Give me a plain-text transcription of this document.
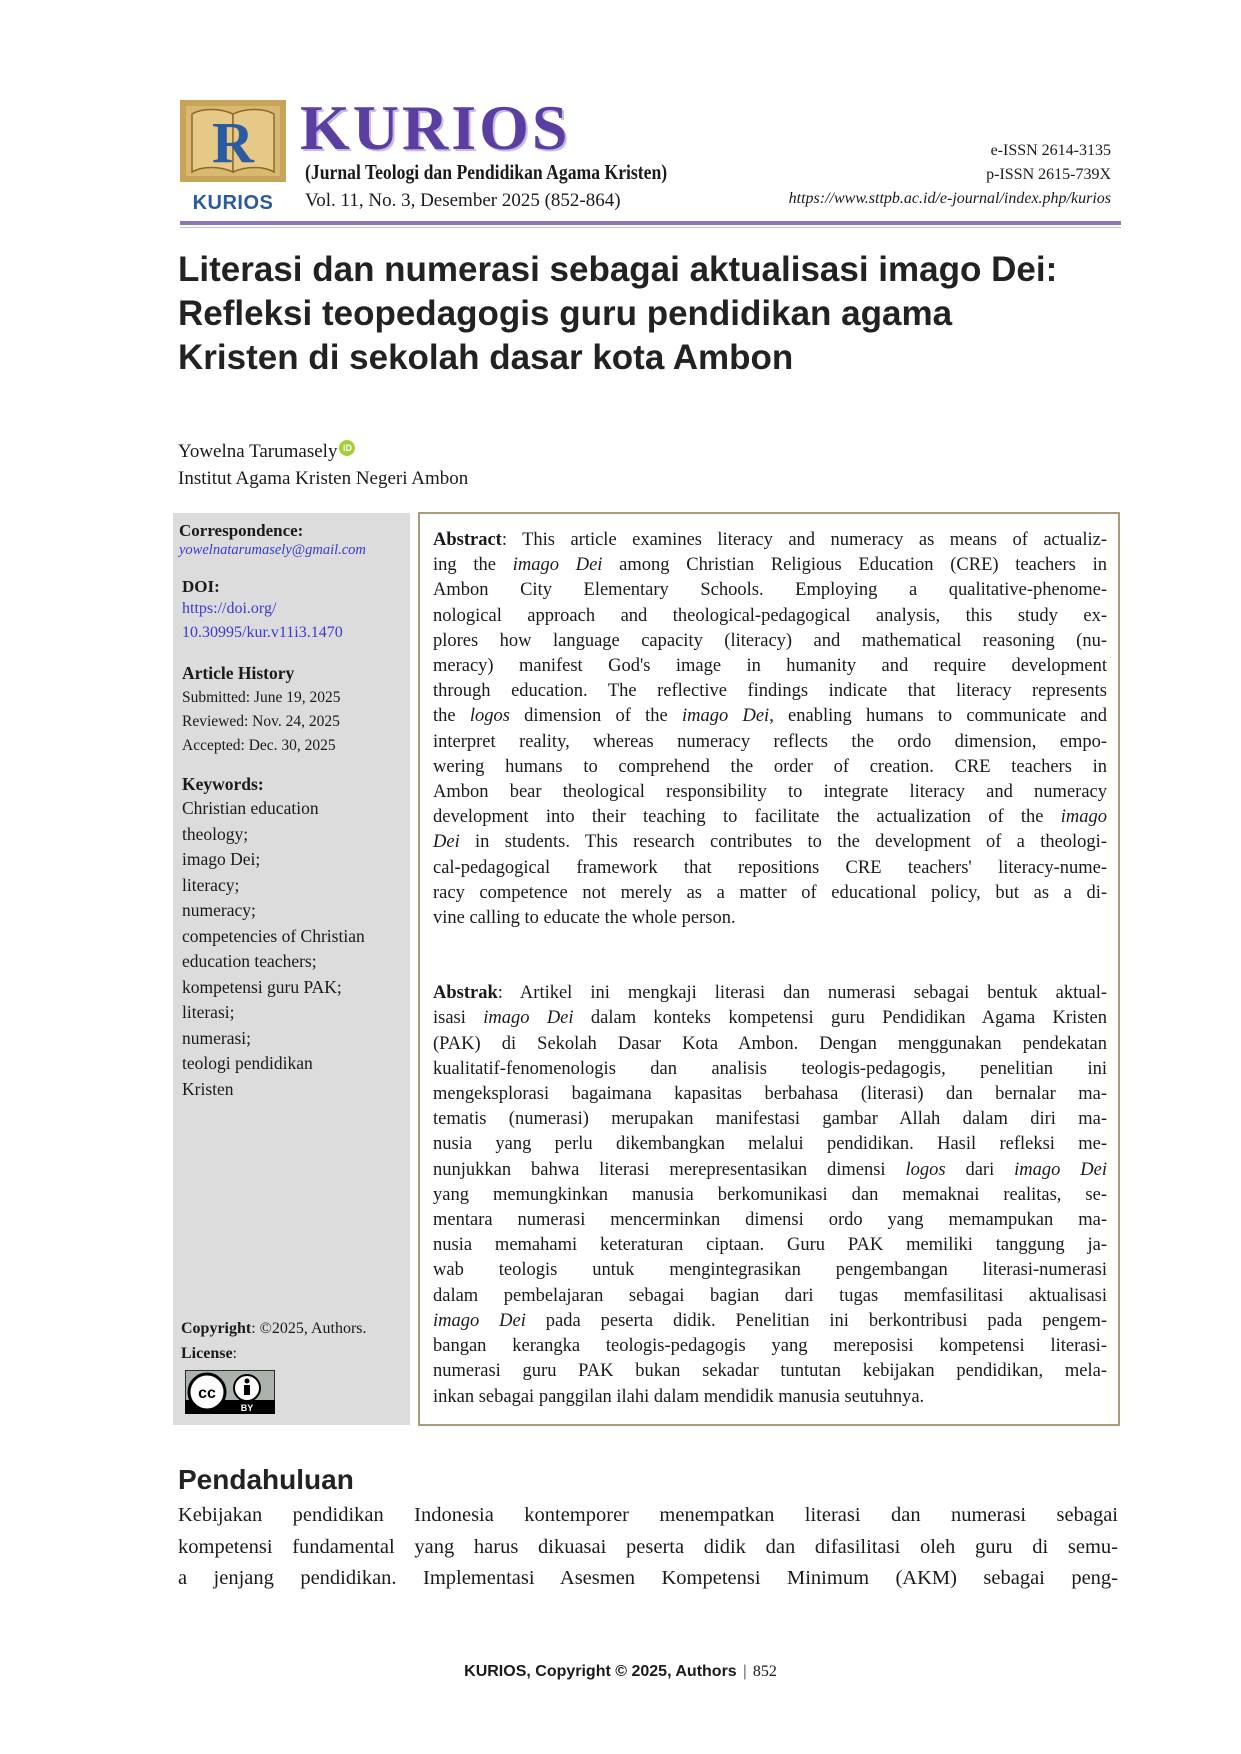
R
KURIOS
KURIOS
(Jurnal Teologi dan Pendidikan Agama Kristen)
Vol. 11, No. 3, Desember 2025 (852-864)
e-ISSN 2614-3135
p-ISSN 2615-739X
https://www.sttpb.ac.id/e-journal/index.php/kurios
Literasi dan numerasi sebagai aktualisasi imago Dei:
Refleksi teopedagogis guru pendidikan agama
Kristen di sekolah dasar kota Ambon
Yowelna Tarumasely iD
Institut Agama Kristen Negeri Ambon
Correspondence:
yowelnatarumasely@gmail.com
DOI:
https://doi.org/
10.30995/kur.v11i3.1470
Article History
Submitted: June 19, 2025
Reviewed: Nov. 24, 2025
Accepted: Dec. 30, 2025
Keywords:
Christian education
theology;
imago Dei;
literacy;
numeracy;
competencies of Christian
education teachers;
kompetensi guru PAK;
literasi;
numerasi;
teologi pendidikan
Kristen
Copyright: ©2025, Authors.
License:
cc
BY
Abstract: This article examines literacy and numeracy as means of actualiz-
ing the imago Dei among Christian Religious Education (CRE) teachers in
Ambon City Elementary Schools. Employing a qualitative-phenome-
nological approach and theological-pedagogical analysis, this study ex-
plores how language capacity (literacy) and mathematical reasoning (nu-
meracy) manifest God's image in humanity and require development
through education. The reflective findings indicate that literacy represents
the logos dimension of the imago Dei, enabling humans to communicate and
interpret reality, whereas numeracy reflects the ordo dimension, empo-
wering humans to comprehend the order of creation. CRE teachers in
Ambon bear theological responsibility to integrate literacy and numeracy
development into their teaching to facilitate the actualization of the imago
Dei in students. This research contributes to the development of a theologi-
cal-pedagogical framework that repositions CRE teachers' literacy-nume-
racy competence not merely as a matter of educational policy, but as a di-
vine calling to educate the whole person.
Abstrak: Artikel ini mengkaji literasi dan numerasi sebagai bentuk aktual-
isasi imago Dei dalam konteks kompetensi guru Pendidikan Agama Kristen
(PAK) di Sekolah Dasar Kota Ambon. Dengan menggunakan pendekatan
kualitatif-fenomenologis dan analisis teologis-pedagogis, penelitian ini
mengeksplorasi bagaimana kapasitas berbahasa (literasi) dan bernalar ma-
tematis (numerasi) merupakan manifestasi gambar Allah dalam diri ma-
nusia yang perlu dikembangkan melalui pendidikan. Hasil refleksi me-
nunjukkan bahwa literasi merepresentasikan dimensi logos dari imago Dei
yang memungkinkan manusia berkomunikasi dan memaknai realitas, se-
mentara numerasi mencerminkan dimensi ordo yang memampukan ma-
nusia memahami keteraturan ciptaan. Guru PAK memiliki tanggung ja-
wab teologis untuk mengintegrasikan pengembangan literasi-numerasi
dalam pembelajaran sebagai bagian dari tugas memfasilitasi aktualisasi
imago Dei pada peserta didik. Penelitian ini berkontribusi pada pengem-
bangan kerangka teologis-pedagogis yang mereposisi kompetensi literasi-
numerasi guru PAK bukan sekadar tuntutan kebijakan pendidikan, mela-
inkan sebagai panggilan ilahi dalam mendidik manusia seutuhnya.
Pendahuluan
Kebijakan pendidikan Indonesia kontemporer menempatkan literasi dan numerasi sebagai
kompetensi fundamental yang harus dikuasai peserta didik dan difasilitasi oleh guru di semu-
a jenjang pendidikan. Implementasi Asesmen Kompetensi Minimum (AKM) sebagai peng-
KURIOS, Copyright © 2025, Authors | 852
